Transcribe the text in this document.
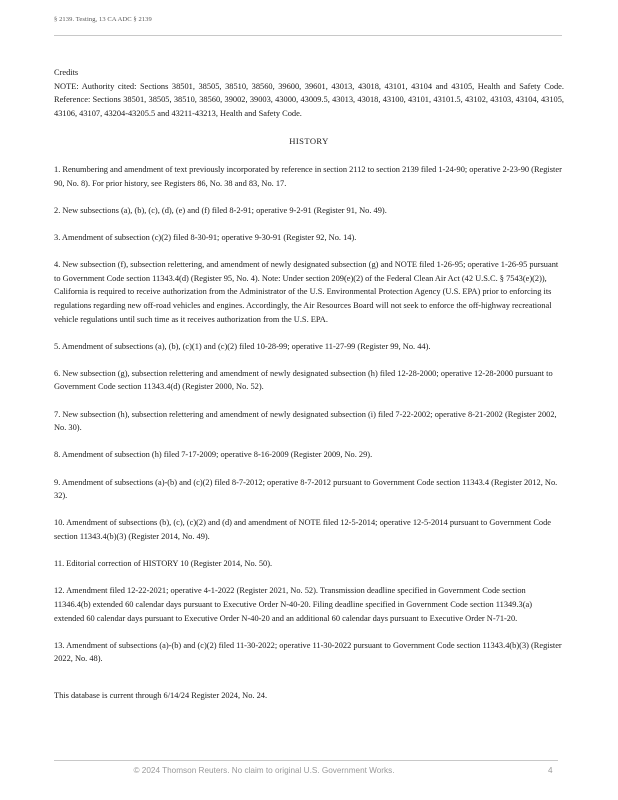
§ 2139. Testing, 13 CA ADC § 2139

Credits

NOTE: Authority cited: Sections 38501, 38505, 38510, 38560, 39600, 39601, 43013, 43018, 43101, 43104 and 43105, Health and Safety Code. Reference: Sections 38501, 38505, 38510, 38560, 39002, 39003, 43000, 43009.5, 43013, 43018, 43100, 43101, 43101.5, 43102, 43103, 43104, 43105, 43106, 43107, 43204-43205.5 and 43211-43213, Health and Safety Code.

HISTORY

1. Renumbering and amendment of text previously incorporated by reference in section 2112 to section 2139 filed 1-24-90; operative 2-23-90 (Register 90, No. 8). For prior history, see Registers 86, No. 38 and 83, No. 17.

2. New subsections (a), (b), (c), (d), (e) and (f) filed 8-2-91; operative 9-2-91 (Register 91, No. 49).

3. Amendment of subsection (c)(2) filed 8-30-91; operative 9-30-91 (Register 92, No. 14).

4. New subsection (f), subsection relettering, and amendment of newly designated subsection (g) and NOTE filed 1-26-95; operative 1-26-95 pursuant to Government Code section 11343.4(d) (Register 95, No. 4). Note: Under section 209(e)(2) of the Federal Clean Air Act (42 U.S.C. § 7543(e)(2)), California is required to receive authorization from the Administrator of the U.S. Environmental Protection Agency (U.S. EPA) prior to enforcing its regulations regarding new off-road vehicles and engines. Accordingly, the Air Resources Board will not seek to enforce the off-highway recreational vehicle regulations until such time as it receives authorization from the U.S. EPA.

5. Amendment of subsections (a), (b), (c)(1) and (c)(2) filed 10-28-99; operative 11-27-99 (Register 99, No. 44).

6. New subsection (g), subsection relettering and amendment of newly designated subsection (h) filed 12-28-2000; operative 12-28-2000 pursuant to Government Code section 11343.4(d) (Register 2000, No. 52).

7. New subsection (h), subsection relettering and amendment of newly designated subsection (i) filed 7-22-2002; operative 8-21-2002 (Register 2002, No. 30).

8. Amendment of subsection (h) filed 7-17-2009; operative 8-16-2009 (Register 2009, No. 29).

9. Amendment of subsections (a)-(b) and (c)(2) filed 8-7-2012; operative 8-7-2012 pursuant to Government Code section 11343.4 (Register 2012, No. 32).

10. Amendment of subsections (b), (c), (c)(2) and (d) and amendment of NOTE filed 12-5-2014; operative 12-5-2014 pursuant to Government Code section 11343.4(b)(3) (Register 2014, No. 49).

11. Editorial correction of HISTORY 10 (Register 2014, No. 50).

12. Amendment filed 12-22-2021; operative 4-1-2022 (Register 2021, No. 52). Transmission deadline specified in Government Code section 11346.4(b) extended 60 calendar days pursuant to Executive Order N-40-20. Filing deadline specified in Government Code section 11349.3(a) extended 60 calendar days pursuant to Executive Order N-40-20 and an additional 60 calendar days pursuant to Executive Order N-71-20.

13. Amendment of subsections (a)-(b) and (c)(2) filed 11-30-2022; operative 11-30-2022 pursuant to Government Code section 11343.4(b)(3) (Register 2022, No. 48).

This database is current through 6/14/24 Register 2024, No. 24.

© 2024 Thomson Reuters. No claim to original U.S. Government Works.	4
